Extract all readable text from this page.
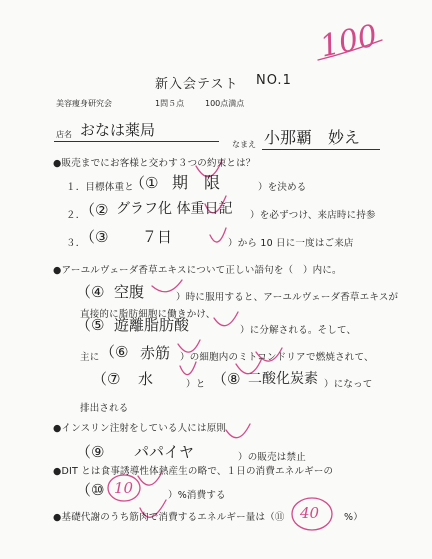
100
新入会テスト NO.1
美容痩身研究会	1問５点	100点満点
店名 おなは薬局
なまえ 小那覇　妙え
●販売までにお客様と交わす３つの約束とは？
１．目標体重と
（① 期　限	）を決める
２．
（② グラフ化 体重日記 ）を必ずつけ、来店時に持参
３．
（③ ７日	）から 10 日に一度はご来店
●アーユルヴェーダ香草エキスについて正しい語句を（　）内に。
（④ 空腹	）時に服用すると、アーユルヴェーダ香草エキスが
直接的に脂肪細胞に働きかけ、
（⑤ 遊離脂肪酸	）に分解される。そして、
主に （⑥ 赤筋 ）の細胞内のミトコンドリアで燃焼されて、
（⑦ 水	）と （⑧ 二酸化炭素 ）になって
排出される
●インスリン注射をしている人には原則
（⑨ パパイヤ	）の販売は禁止
●DIT とは食事誘導性体熱産生の略で、１日の消費エネルギーの
（⑩ 10	）%消費する
●基礎代謝のうち筋肉で消費するエネルギー量は（⑪ 40	%）
